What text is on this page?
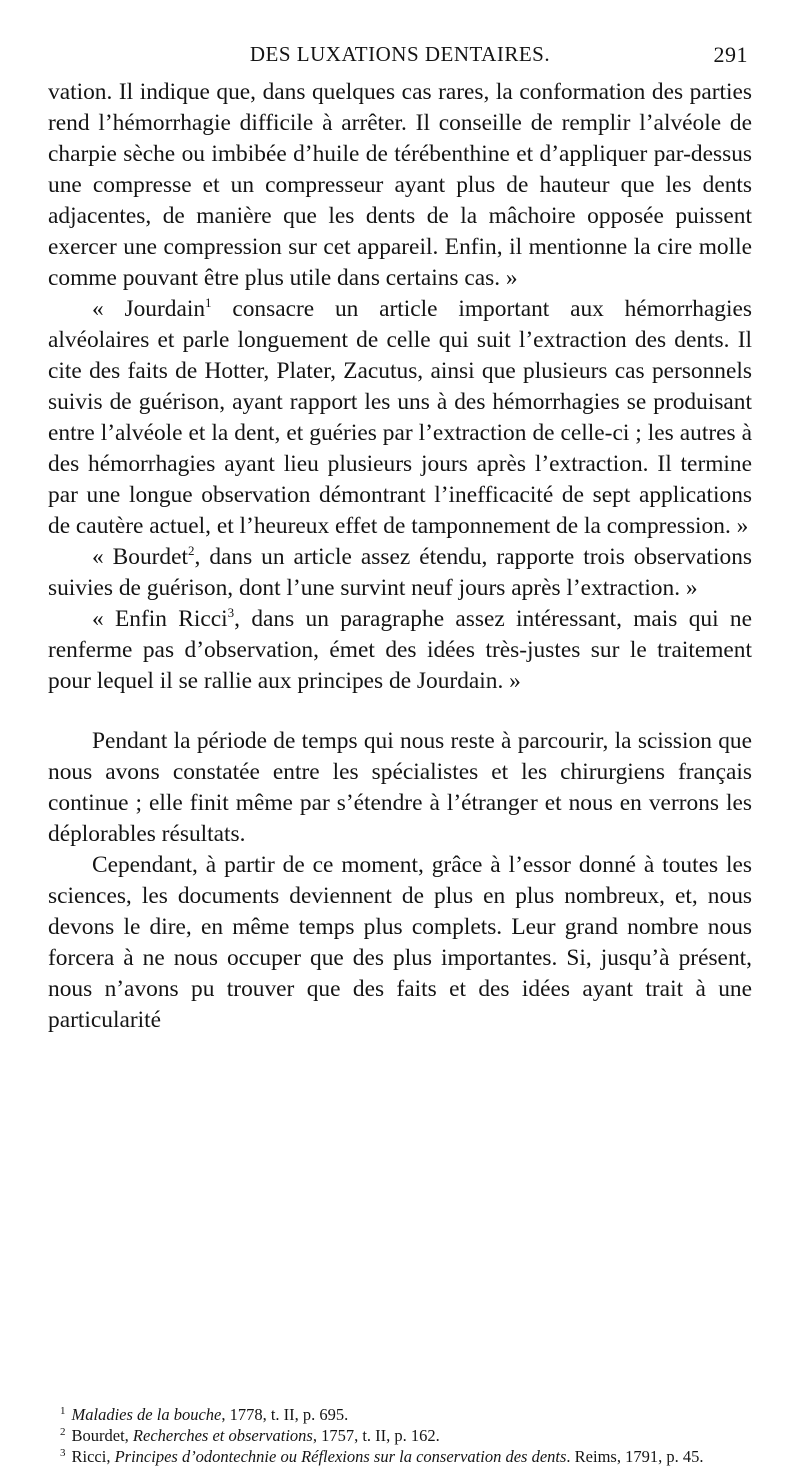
DES LUXATIONS DENTAIRES.	291

vation. Il indique que, dans quelques cas rares, la conformation des parties rend l’hémorrhagie difficile à arrêter. Il conseille de remplir l’alvéole de charpie sèche ou imbibée d’huile de térébenthine et d’appliquer par-dessus une compresse et un compresseur ayant plus de hauteur que les dents adjacentes, de manière que les dents de la mâchoire opposée puissent exercer une compression sur cet appareil. Enfin, il mentionne la cire molle comme pouvant être plus utile dans certains cas. »

« Jourdain$^1$ consacre un article important aux hémorrhagies alvéolaires et parle longuement de celle qui suit l’extraction des dents. Il cite des faits de Hotter, Plater, Zacutus, ainsi que plusieurs cas personnels suivis de guérison, ayant rapport les uns à des hémorrhagies se produisant entre l’alvéole et la dent, et guéries par l’extraction de celle-ci ; les autres à des hémorrhagies ayant lieu plusieurs jours après l’extraction. Il termine par une longue observation démontrant l’inefficacité de sept applications de cautère actuel, et l’heureux effet de tamponnement de la compression. »

« Bourdet$^2$, dans un article assez étendu, rapporte trois observations suivies de guérison, dont l’une survint neuf jours après l’extraction. »

« Enfin Ricci$^3$, dans un paragraphe assez intéressant, mais qui ne renferme pas d’observation, émet des idées très-justes sur le traitement pour lequel il se rallie aux principes de Jourdain. »

Pendant la période de temps qui nous reste à parcourir, la scission que nous avons constatée entre les spécialistes et les chirurgiens français continue ; elle finit même par s’étendre à l’étranger et nous en verrons les déplorables résultats.

Cependant, à partir de ce moment, grâce à l’essor donné à toutes les sciences, les documents deviennent de plus en plus nombreux, et, nous devons le dire, en même temps plus complets. Leur grand nombre nous forcera à ne nous occuper que des plus importantes. Si, jusqu’à présent, nous n’avons pu trouver que des faits et des idées ayant trait à une particularité

$^1$ Maladies de la bouche, 1778, t. II, p. 695.

$^2$ Bourdet, Recherches et observations, 1757, t. II, p. 162.

$^3$ Ricci, Principes d’odontechnie ou Réflexions sur la conservation des dents. Reims, 1791, p. 45.
